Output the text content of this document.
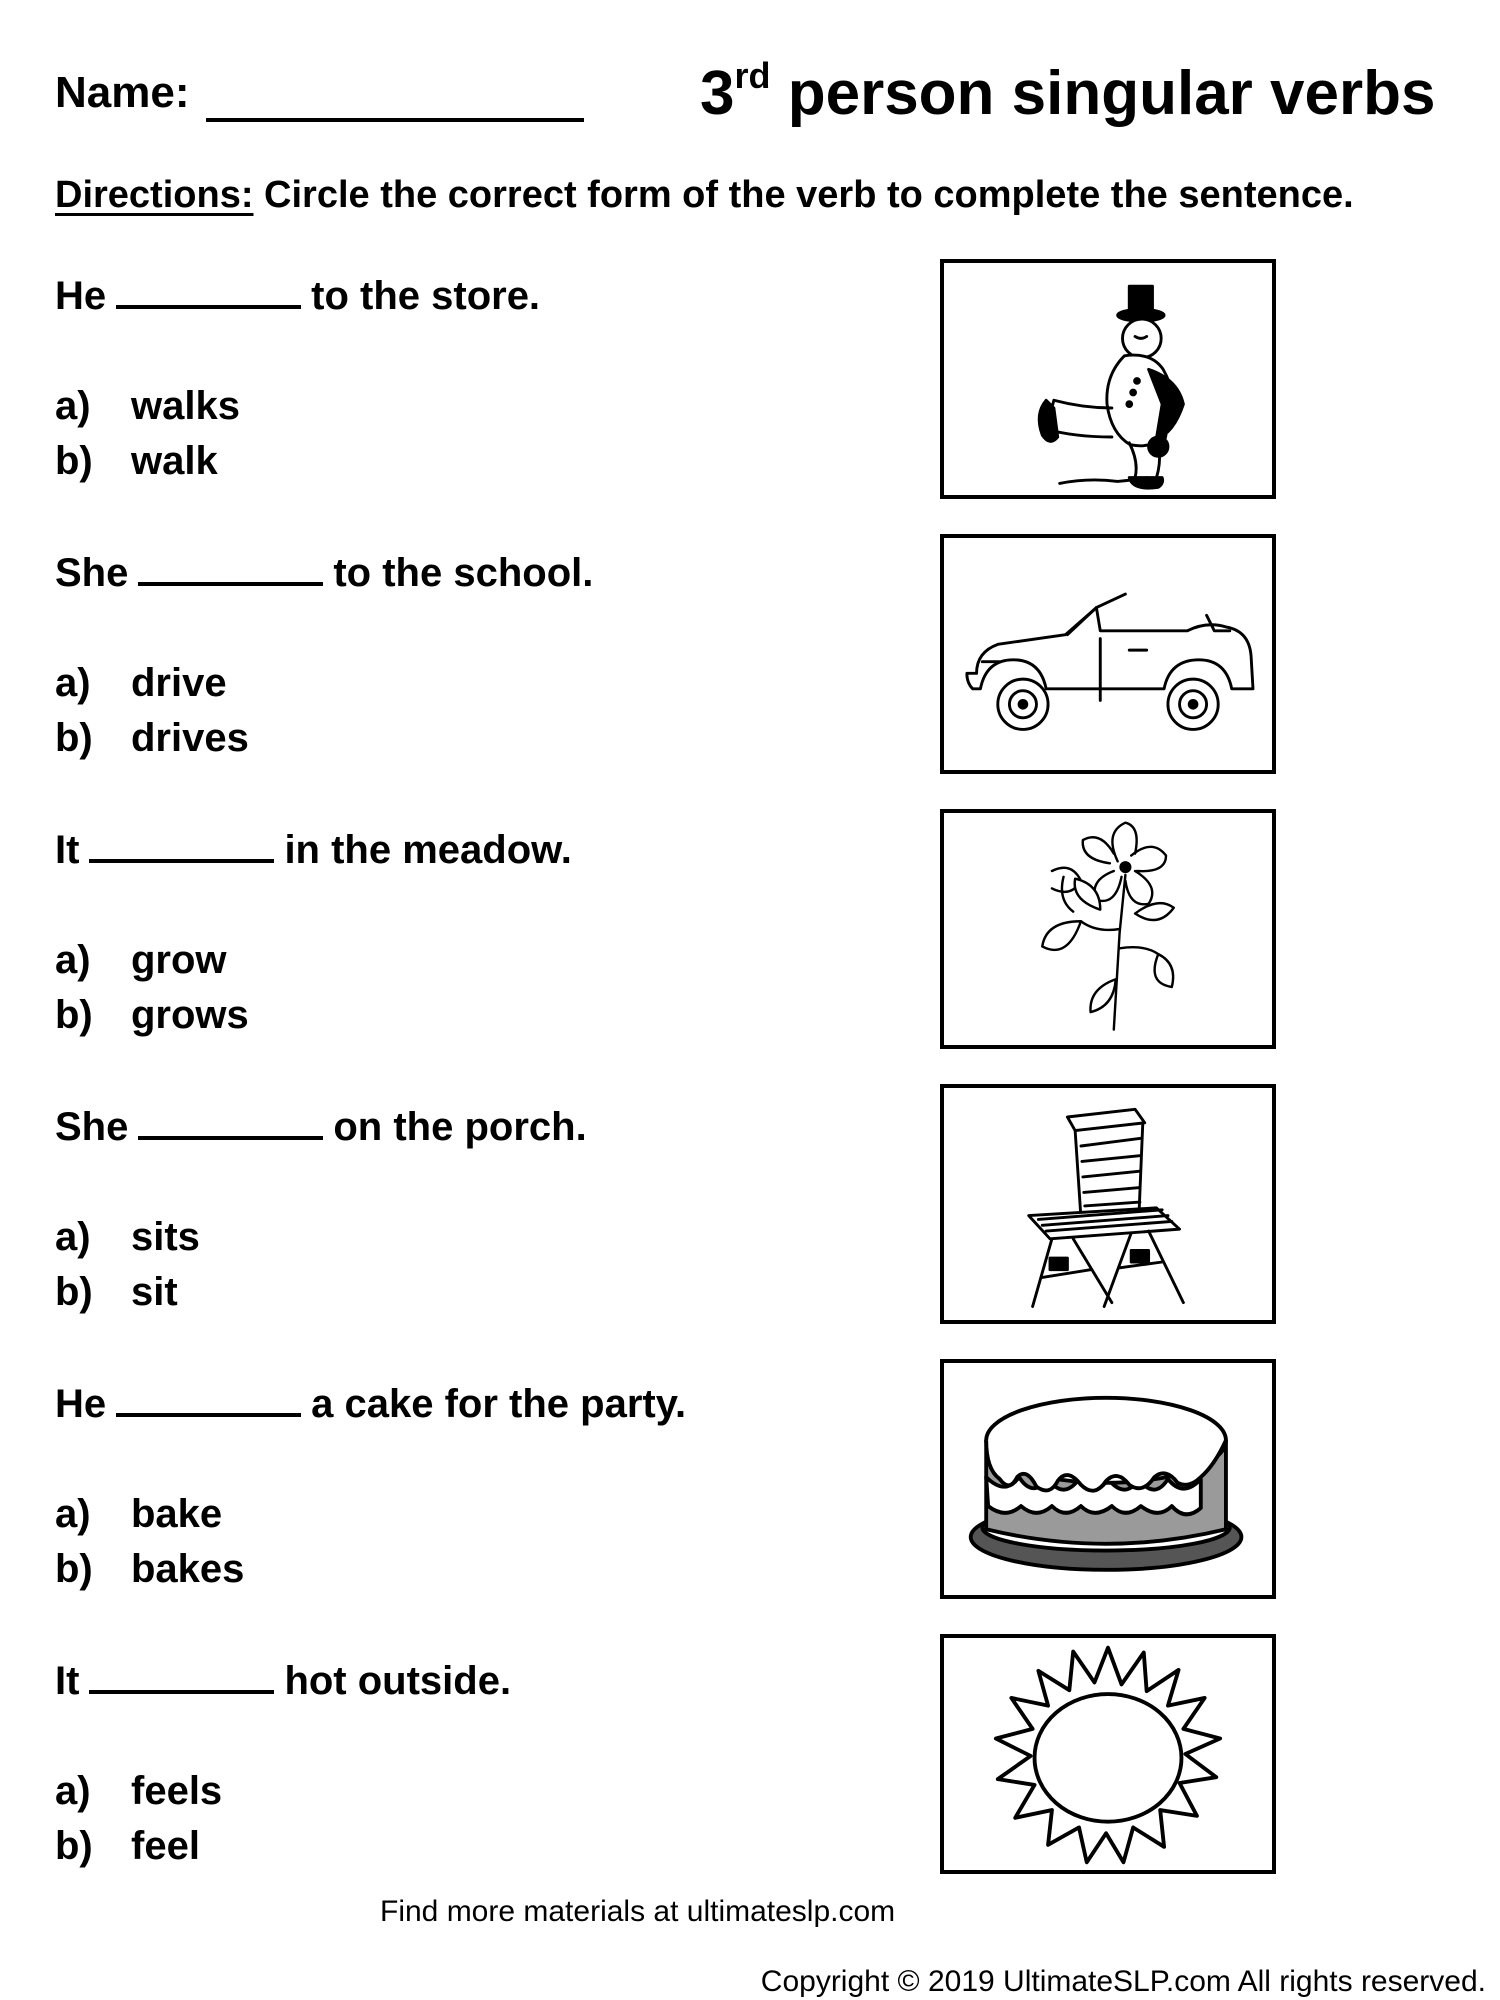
Name:	3rd person singular verbs
Directions: Circle the correct form of the verb to complete the sentence.
He	to the store.
a) walks
b) walk
She	to the school.
a) drive
b) drives
It	in the meadow.
a) grow
b) grows
She	on the porch.
a) sits
b) sit
He	a cake for the party.
a) bake
b) bakes
It	hot outside.
a) feels
b) feel
Find more materials at ultimateslp.com
Copyright © 2019 UltimateSLP.com All rights reserved.
